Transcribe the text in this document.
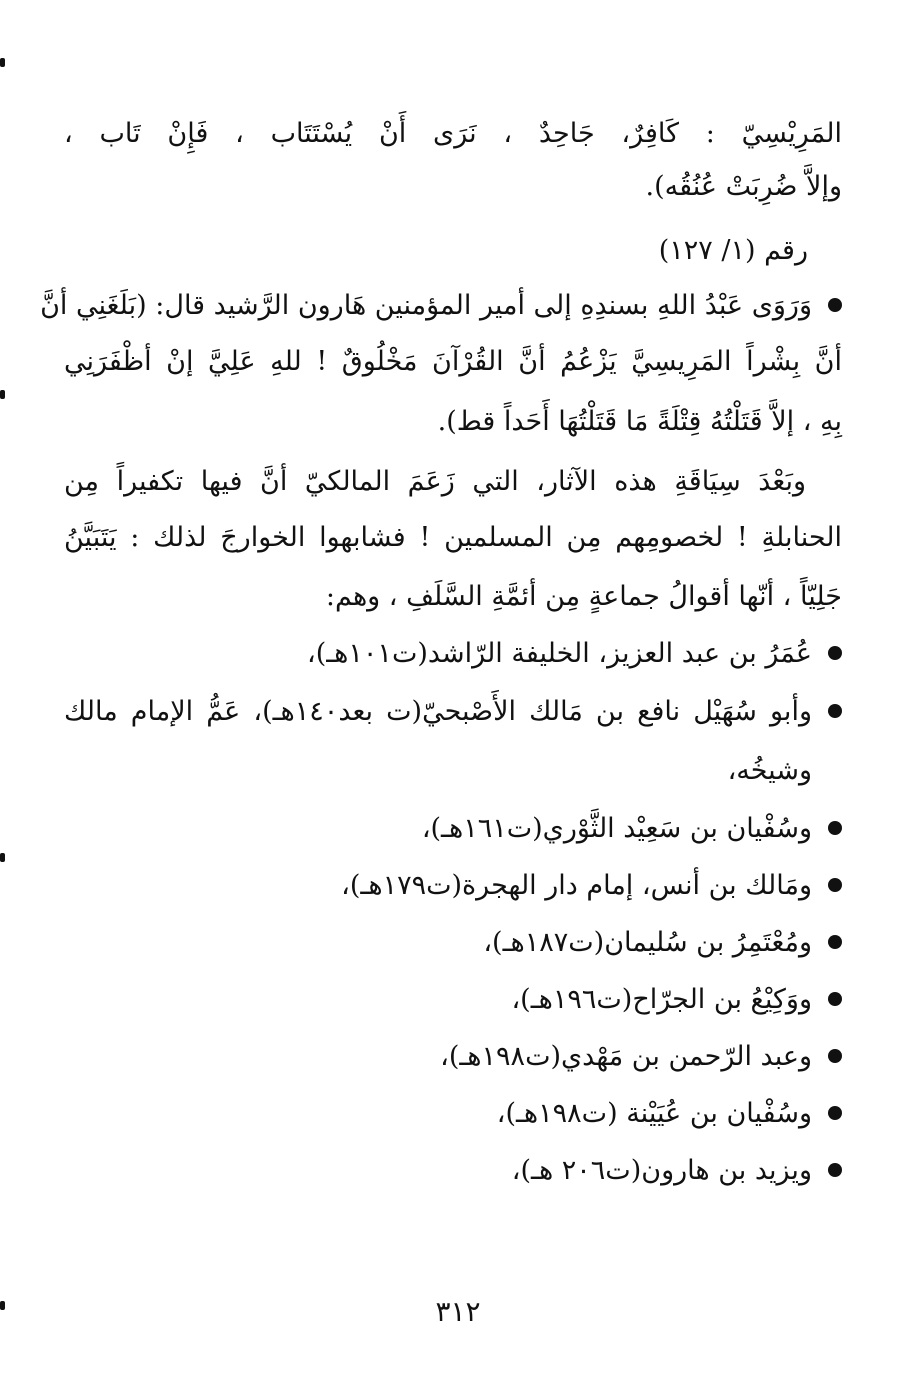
المَرِيْسِيّ : كَافِرٌ، جَاحِدٌ ، نَرَى أَنْ يُسْتَتَاب ، فَإِنْ تَاب ،
وإلاَّ ضُرِبَتْ عُنُقُه).
رقم (١/ ١٢٧)
وَرَوَى عَبْدُ اللهِ بسندِهِ إلى أمير المؤمنين هَارون الرَّشيد قال: (بَلَغَنِي أنَّ
أنَّ بِشْراً المَرِيسِيَّ يَزْعُمُ أنَّ القُرْآنَ مَخْلُوقٌ ! للهِ عَلِيَّ إنْ أظْفَرَنِي
بِهِ ، إلاَّ قَتَلْتُهُ قِتْلَةً مَا قَتَلْتُهَا أَحَداً قط).
وبَعْدَ سِيَاقَةِ هذه الآثار، التي زَعَمَ المالكيّ أنَّ فيها تكفيراً مِن
الحنابلةِ ! لخصومِهم مِن المسلمين ! فشابهوا الخوارجَ لذلك : يَتَبَيَّنُ
جَلِيّاً ، أنّها أقوالُ جماعةٍ مِن أئمَّةِ السَّلَفِ ، وهم:
عُمَرُ بن عبد العزيز، الخليفة الرّاشد(ت١٠١هـ)،
وأبو سُهَيْل نافع بن مَالك الأَصْبحيّ(ت بعد١٤٠هـ)، عَمُّ الإمام مالك
وشيخُه،
وسُفْيان بن سَعِيْد الثَّوْري(ت١٦١هـ)،
ومَالك بن أنس، إمام دار الهجرة(ت١٧٩هـ)،
ومُعْتَمِرُ بن سُليمان(ت١٨٧هـ)،
ووَكِيْعُ بن الجرّاح(ت١٩٦هـ)،
وعبد الرّحمن بن مَهْدي(ت١٩٨هـ)،
وسُفْيان بن عُيَيْنة (ت١٩٨هـ)،
ويزيد بن هارون(ت٢٠٦ هـ)،
٣١٢
